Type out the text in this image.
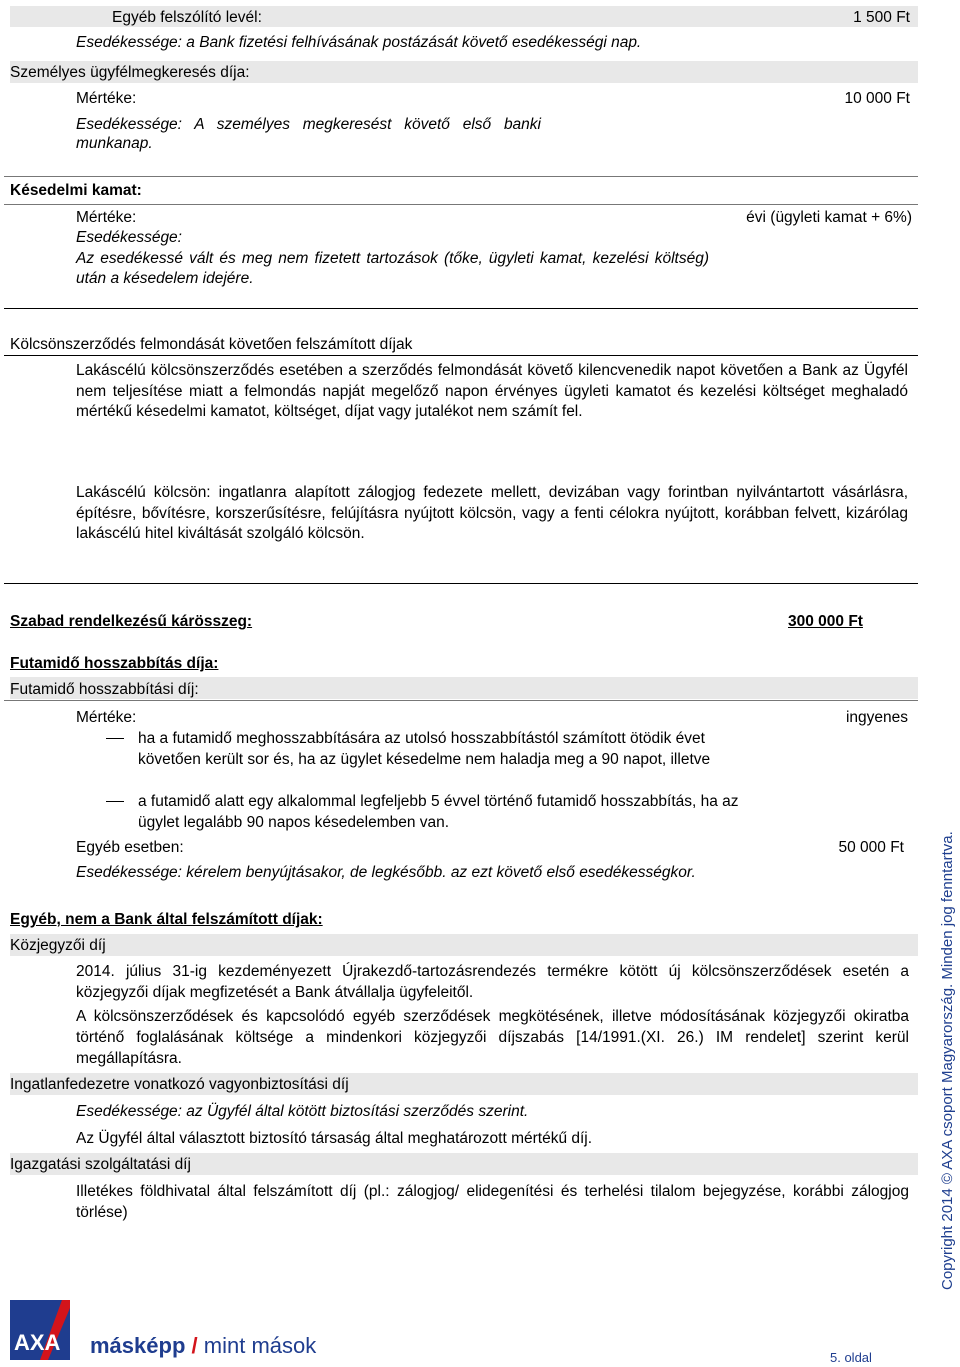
Egyéb felszólító levél:	1 500 Ft
Esedékessége: a Bank fizetési felhívásának postázását követő esedékességi nap.
Személyes ügyfélmegkeresés díja:
Mértéke:	10 000 Ft
Esedékessége: A személyes megkeresést követő első banki munkanap.
Késedelmi kamat:
Mértéke:	évi (ügyleti kamat + 6%)
Esedékessége:
Az esedékessé vált és meg nem fizetett tartozások (tőke, ügyleti kamat, kezelési költség) után a késedelem idejére.
Kölcsönszerződés felmondását követően felszámított díjak
Lakáscélú kölcsönszerződés esetében a szerződés felmondását követő kilencvenedik napot követően a Bank az Ügyfél nem teljesítése miatt a felmondás napját megelőző napon érvényes ügyleti kamatot és kezelési költséget meghaladó mértékű késedelmi kamatot, költséget, díjat vagy jutalékot nem számít fel.
Lakáscélú kölcsön: ingatlanra alapított zálogjog fedezete mellett, devizában vagy forintban nyilvántartott vásárlásra, építésre, bővítésre, korszerűsítésre, felújításra nyújtott kölcsön, vagy a fenti célokra nyújtott, korábban felvett, kizárólag lakáscélú hitel kiváltását szolgáló kölcsön.
Szabad rendelkezésű kárösszeg:	300 000 Ft
Futamidő hosszabbítás díja:
Futamidő hosszabbítási díj:
Mértéke:	ingyenes
ha a futamidő meghosszabbítására az utolsó hosszabbítástól számított ötödik évet követően került sor és, ha az ügylet késedelme nem haladja meg a 90 napot, illetve
a futamidő alatt egy alkalommal legfeljebb 5 évvel történő futamidő hosszabbítás, ha az ügylet legalább 90 napos késedelemben van.
Egyéb esetben:	50 000 Ft
Esedékessége: kérelem benyújtásakor, de legkésőbb. az ezt követő első esedékességkor.
Egyéb, nem a Bank által felszámított díjak:
Közjegyzői díj
2014. július 31-ig kezdeményezett Újrakezdő-tartozásrendezés termékre kötött új kölcsönszerződések esetén a közjegyzői díjak megfizetését a Bank átvállalja ügyfeleitől.
A kölcsönszerződések és kapcsolódó egyéb szerződések megkötésének, illetve módosításának közjegyzői okiratba történő foglalásának költsége a mindenkori közjegyzői díjszabás [14/1991.(XI. 26.) IM rendelet] szerint kerül megállapításra.
Ingatlanfedezetre vonatkozó vagyonbiztosítási díj
Esedékessége: az Ügyfél által kötött biztosítási szerződés szerint.
Az Ügyfél által választott biztosító társaság által meghatározott mértékű díj.
Igazgatási szolgáltatási díj
Illetékes földhivatal által felszámított díj (pl.: zálogjog/ elidegenítési és terhelési tilalom bejegyzése, korábbi zálogjog törlése)	Copyright 2014 © AXA csoport Magyarország. Minden jog fenntartva.
AXA másképp / mint mások	5. oldal
